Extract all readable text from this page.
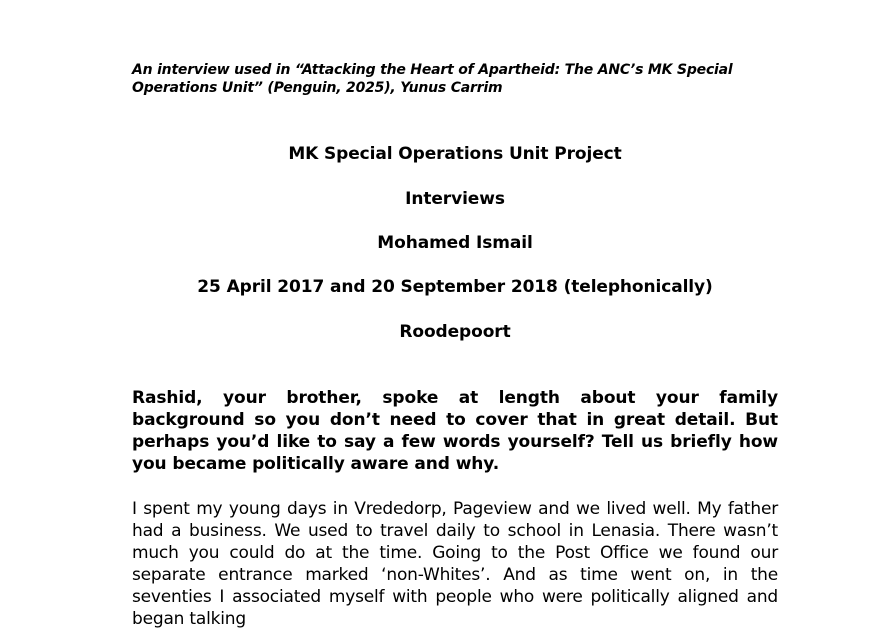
An interview used in “Attacking the Heart of Apartheid: The ANC’s MK Special Operations Unit” (Penguin, 2025), Yunus Carrim
MK Special Operations Unit Project
Interviews
Mohamed Ismail
25 April 2017 and 20 September 2018 (telephonically)
Roodepoort
Rashid, your brother, spoke at length about your family background so you don’t need to cover that in great detail. But perhaps you’d like to say a few words yourself? Tell us briefly how you became politically aware and why.
I spent my young days in Vrededorp, Pageview and we lived well. My father had a business. We used to travel daily to school in Lenasia. There wasn’t much you could do at the time. Going to the Post Office we found our separate entrance marked ‘non-Whites’. And as time went on, in the seventies I associated myself with people who were politically aligned and began talking
